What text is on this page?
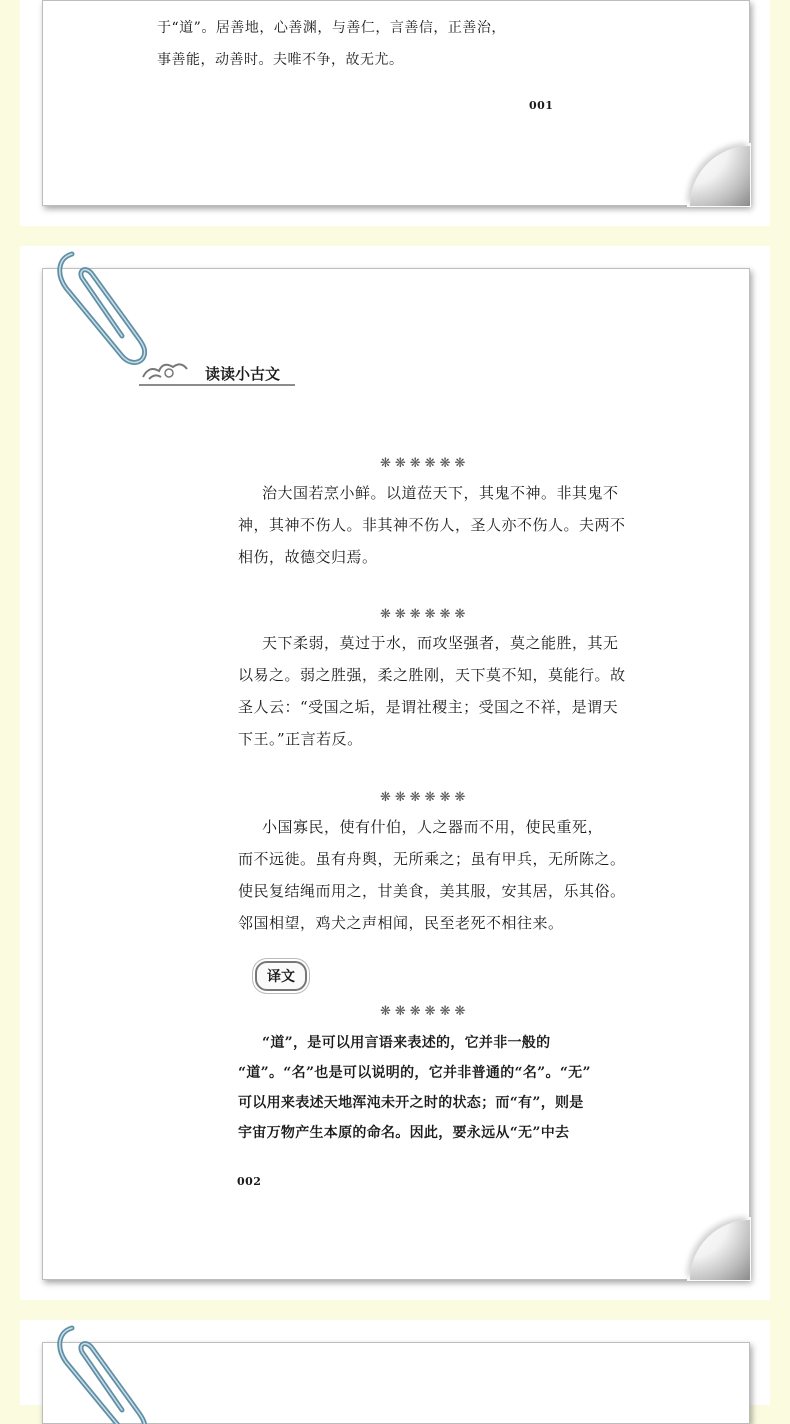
于“道”。居善地，心善渊，与善仁，言善信，正善治，
事善能，动善时。夫唯不争，故无尤。
001
读读小古文
❋❋❋❋❋❋
治大国若烹小鲜。以道莅天下，其鬼不神。非其鬼不
神，其神不伤人。非其神不伤人，圣人亦不伤人。夫两不
相伤，故德交归焉。
❋❋❋❋❋❋
天下柔弱，莫过于水，而攻坚强者，莫之能胜，其无
以易之。弱之胜强，柔之胜刚，天下莫不知，莫能行。故
圣人云：“受国之垢，是谓社稷主；受国之不祥，是谓天
下王。”正言若反。
❋❋❋❋❋❋
小国寡民，使有什伯，人之器而不用，使民重死，
而不远徙。虽有舟舆，无所乘之；虽有甲兵，无所陈之。
使民复结绳而用之，甘美食，美其服，安其居，乐其俗。
邻国相望，鸡犬之声相闻，民至老死不相往来。
译文
❋❋❋❋❋❋
“道”，是可以用言语来表述的，它并非一般的
“道”。“名”也是可以说明的，它并非普通的“名”。“无”
可以用来表述天地浑沌未开之时的状态；而“有”，则是
宇宙万物产生本原的命名。因此，要永远从“无”中去
002
